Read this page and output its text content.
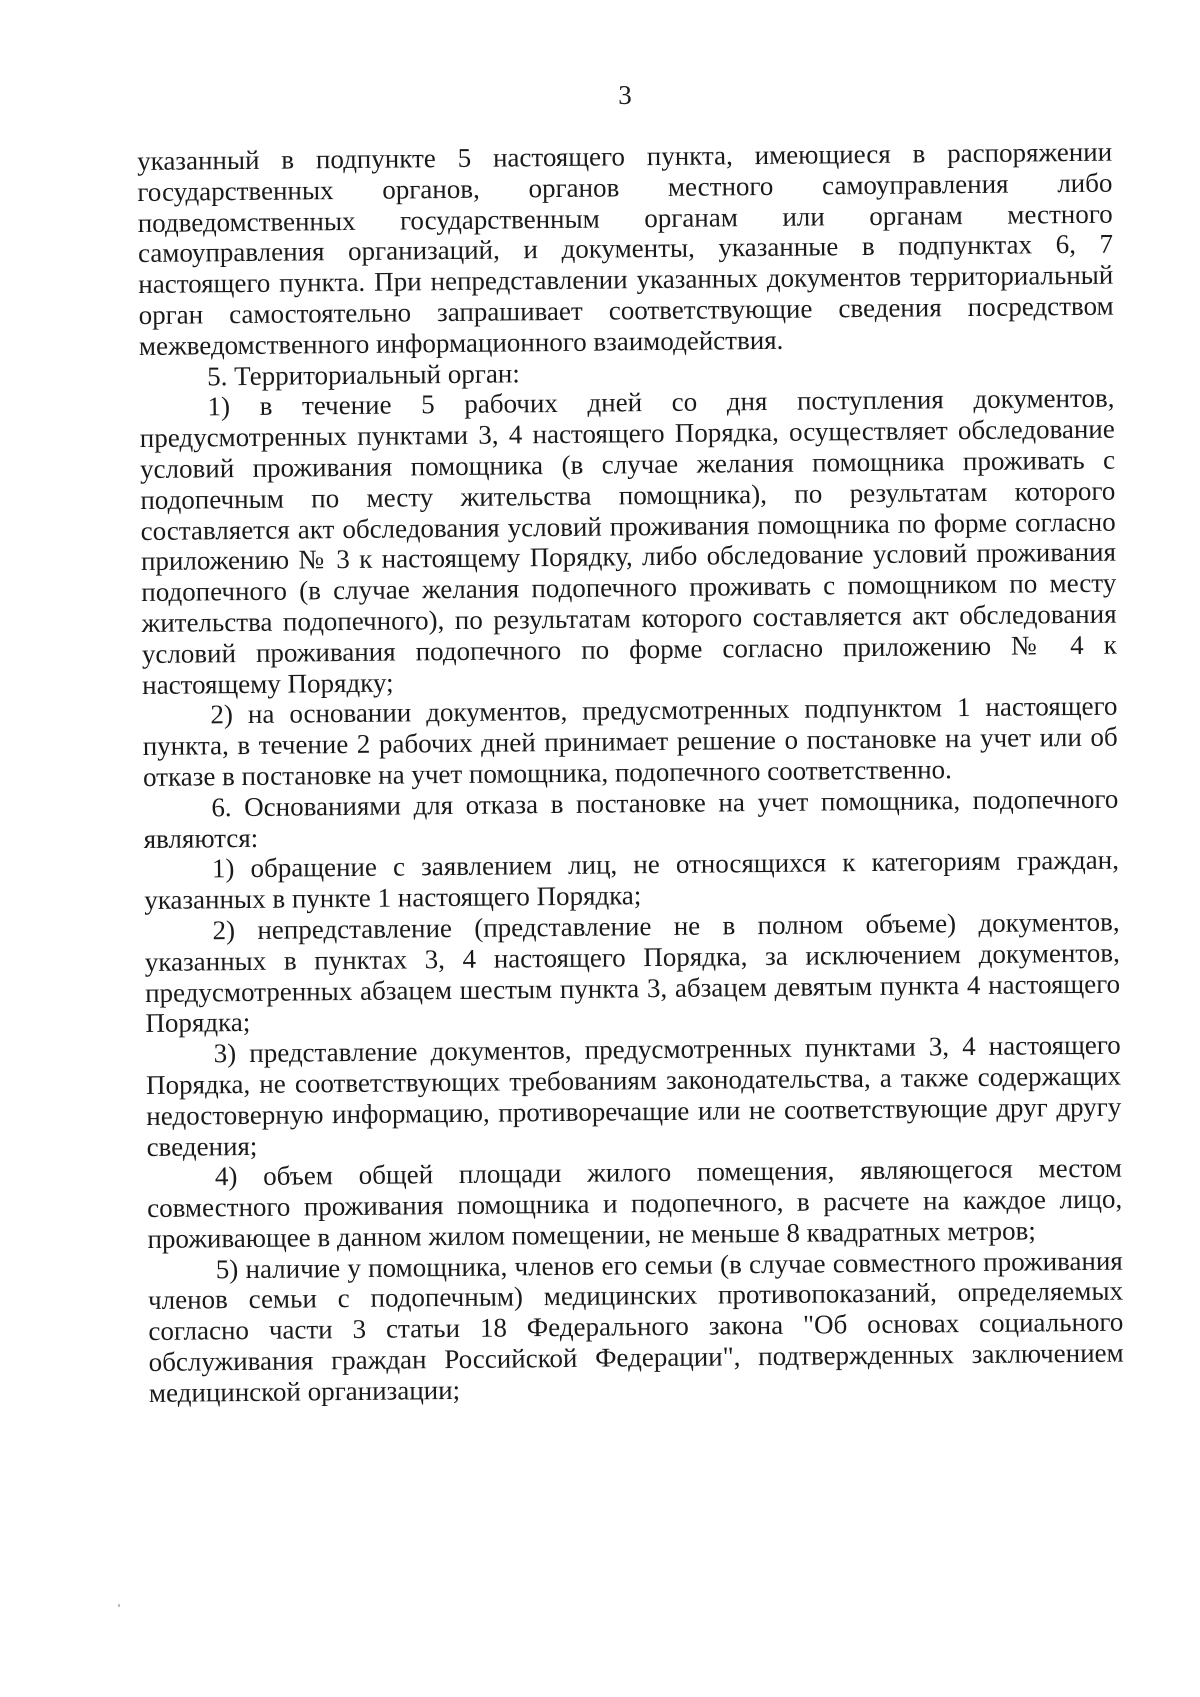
3

указанный в подпункте 5 настоящего пункта, имеющиеся в распоряжении государственных органов, органов местного самоуправления либо подведомственных государственным органам или органам местного самоуправления организаций, и документы, указанные в подпунктах 6, 7 настоящего пункта. При непредставлении указанных документов территориальный орган самостоятельно запрашивает соответствующие сведения посредством межведомственного информационного взаимодействия.

5. Территориальный орган:

1) в течение 5 рабочих дней со дня поступления документов, предусмотренных пунктами 3, 4 настоящего Порядка, осуществляет обследование условий проживания помощника (в случае желания помощника проживать с подопечным по месту жительства помощника), по результатам которого составляется акт обследования условий проживания помощника по форме согласно приложению № 3 к настоящему Порядку, либо обследование условий проживания подопечного (в случае желания подопечного проживать с помощником по месту жительства подопечного), по результатам которого составляется акт обследования условий проживания подопечного по форме согласно приложению № 4 к настоящему Порядку;

2) на основании документов, предусмотренных подпунктом 1 настоящего пункта, в течение 2 рабочих дней принимает решение о постановке на учет или об отказе в постановке на учет помощника, подопечного соответственно.

6. Основаниями для отказа в постановке на учет помощника, подопечного являются:

1) обращение с заявлением лиц, не относящихся к категориям граждан, указанных в пункте 1 настоящего Порядка;

2) непредставление (представление не в полном объеме) документов, указанных в пунктах 3, 4 настоящего Порядка, за исключением документов, предусмотренных абзацем шестым пункта 3, абзацем девятым пункта 4 настоящего Порядка;

3) представление документов, предусмотренных пунктами 3, 4 настоящего Порядка, не соответствующих требованиям законодательства, а также содержащих недостоверную информацию, противоречащие или не соответствующие друг другу сведения;

4) объем общей площади жилого помещения, являющегося местом совместного проживания помощника и подопечного, в расчете на каждое лицо, проживающее в данном жилом помещении, не меньше 8 квадратных метров;

5) наличие у помощника, членов его семьи (в случае совместного проживания членов семьи с подопечным) медицинских противопоказаний, определяемых согласно части 3 статьи 18 Федерального закона "Об основах социального обслуживания граждан Российской Федерации", подтвержденных заключением медицинской организации;
